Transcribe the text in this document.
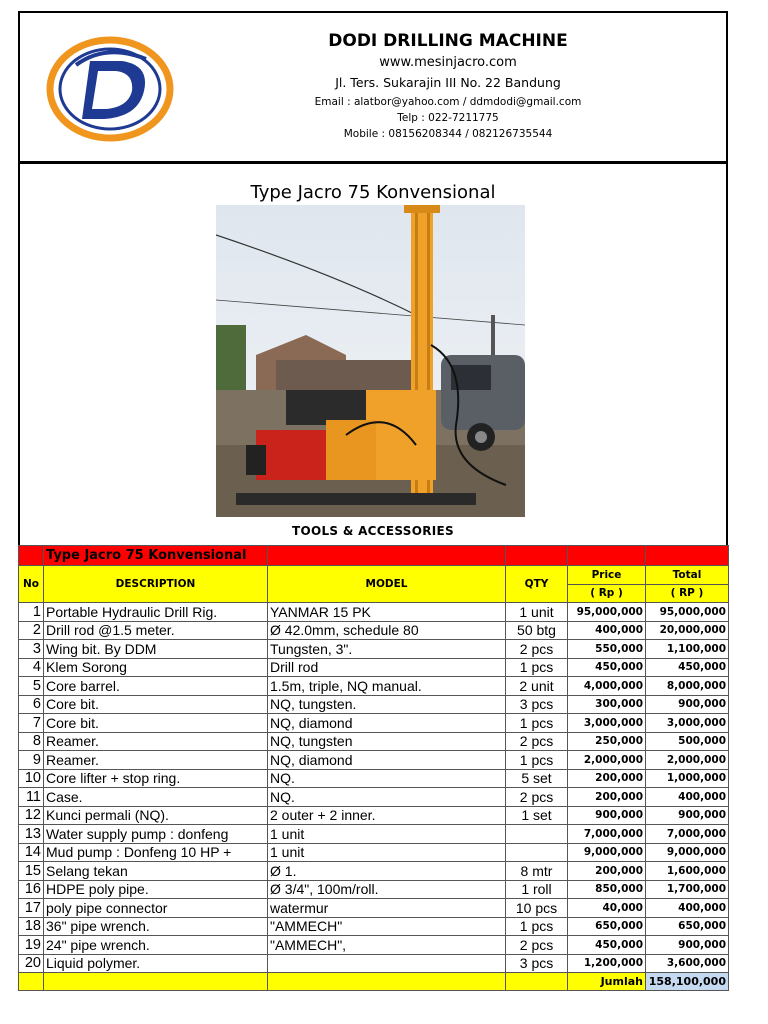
DODI DRILLING MACHINE
www.mesinjacro.com
Jl. Ters. Sukarajin III No. 22 Bandung
Email : alatbor@yahoo.com / ddmdodi@gmail.com
Telp : 022-7211775
Mobile : 08156208344 / 082126735544
Type Jacro 75 Konvensional
TOOLS & ACCESSORIES
	Type Jacro 75 Konvensional				
No	DESCRIPTION	MODEL	QTY	Price	Total
				( Rp )	( RP )
1	Portable Hydraulic Drill Rig.	YANMAR 15 PK	1 unit	95,000,000	95,000,000
2	Drill rod @1.5 meter.	Ø 42.0mm, schedule 80	50 btg	400,000	20,000,000
3	Wing bit. By DDM	Tungsten, 3".	2 pcs	550,000	1,100,000
4	Klem Sorong	Drill rod	1 pcs	450,000	450,000
5	Core barrel.	1.5m, triple, NQ manual.	2 unit	4,000,000	8,000,000
6	Core bit.	NQ, tungsten.	3 pcs	300,000	900,000
7	Core bit.	NQ, diamond	1 pcs	3,000,000	3,000,000
8	Reamer.	NQ, tungsten	2 pcs	250,000	500,000
9	Reamer.	NQ, diamond	1 pcs	2,000,000	2,000,000
10	Core lifter + stop ring.	NQ.	5 set	200,000	1,000,000
11	Case.	NQ.	2 pcs	200,000	400,000
12	Kunci permali (NQ).	2 outer + 2 inner.	1 set	900,000	900,000
13	Water supply pump : donfeng	1 unit		7,000,000	7,000,000
14	Mud pump : Donfeng 10 HP +	1 unit		9,000,000	9,000,000
15	Selang tekan	Ø 1.	8 mtr	200,000	1,600,000
16	HDPE poly pipe.	Ø 3/4", 100m/roll.	1 roll	850,000	1,700,000
17	poly pipe connector	watermur	10 pcs	40,000	400,000
18	36" pipe wrench.	"AMMECH"	1 pcs	650,000	650,000
19	24" pipe wrench.	"AMMECH",	2 pcs	450,000	900,000
20	Liquid polymer.		3 pcs	1,200,000	3,600,000
				Jumlah	158,100,000
